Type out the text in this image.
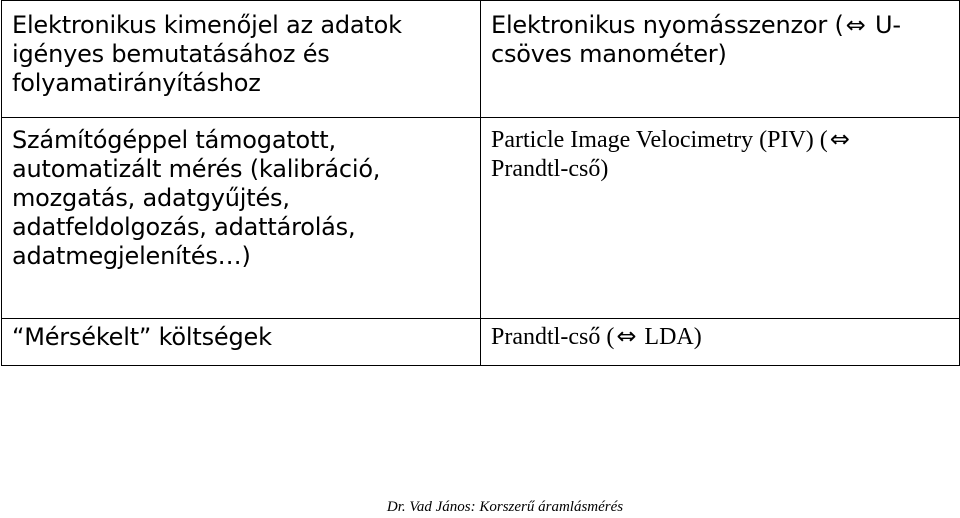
Elektronikus kimenőjel az adatok
igényes bemutatásához és
folyamatirányításhoz	Elektronikus nyomásszenzor (⇔ U-
csöves manométer)

Számítógéppel támogatott,
automatizált mérés (kalibráció,
mozgatás, adatgyűjtés,
adatfeldolgozás, adattárolás,
adatmegjelenítés…)	Particle Image Velocimetry (PIV) (⇔
Prandtl-cső)

“Mérsékelt” költségek	Prandtl-cső (⇔ LDA)
Dr. Vad János: Korszerű áramlásmérés
